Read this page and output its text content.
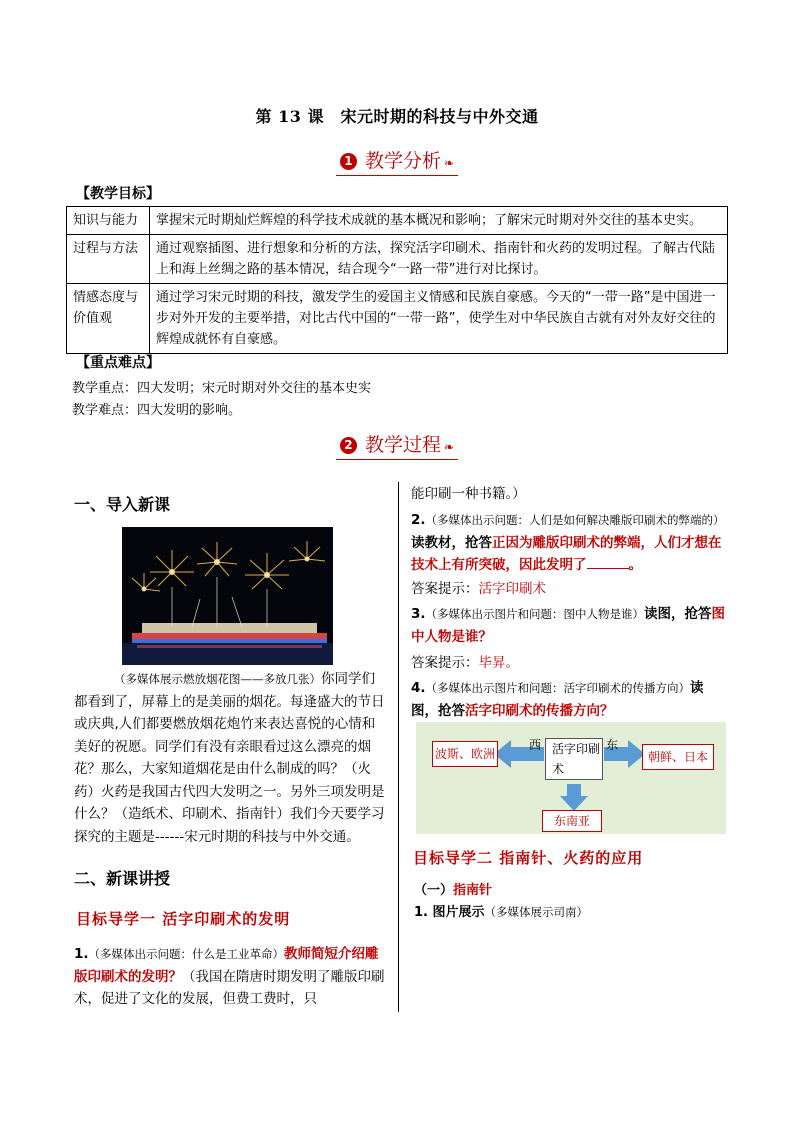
第 13 课　宋元时期的科技与中外交通
1 教学分析 ❧
【教学目标】
知识与能力	掌握宋元时期灿烂辉煌的科学技术成就的基本概况和影响；了解宋元时期对外交往的基本史实。
过程与方法	通过观察插图、进行想象和分析的方法，探究活字印刷术、指南针和火药的发明过程。了解古代陆上和海上丝绸之路的基本情况，结合现今“一路一带”进行对比探讨。
情感态度与价值观	通过学习宋元时期的科技，激发学生的爱国主义情感和民族自豪感。今天的“一带一路”是中国进一步对外开发的主要举措，对比古代中国的“一带一路”，使学生对中华民族自古就有对外友好交往的辉煌成就怀有自豪感。
【重点难点】
教学重点：四大发明；宋元时期对外交往的基本史实
教学难点：四大发明的影响。
2 教学过程 ❧
一、导入新课
（多媒体展示燃放烟花图——多放几张）你同学们都看到了，屏幕上的是美丽的烟花。每逢盛大的节日或庆典,人们都要燃放烟花炮竹来表达喜悦的心情和美好的祝愿。同学们有没有亲眼看过这么漂亮的烟花？那么，大家知道烟花是由什么制成的吗？（火药）火药是我国古代四大发明之一。另外三项发明是什么？（造纸术、印刷术、指南针）我们今天要学习探究的主题是------宋元时期的科技与中外交通。
二、新课讲授
目标导学一 活字印刷术的发明
1.（多媒体出示问题：什么是工业革命）教师简短介绍雕版印刷术的发明？（我国在隋唐时期发明了雕版印刷术，促进了文化的发展，但费工费时，只
能印刷一种书籍。）
2.（多媒体出示问题：人们是如何解决雕版印刷术的弊端的）读教材，抢答正因为雕版印刷术的弊端，人们才想在技术上有所突破，因此发明了	。
答案提示：活字印刷术
3.（多媒体出示图片和问题：图中人物是谁）读图，抢答图中人物是谁？
答案提示：毕昇。
4.（多媒体出示图片和问题：活字印刷术的传播方向）读图，抢答活字印刷术的传播方向？
波斯、欧洲	朝鲜、日本
东南亚
活字印刷术
西	东
目标导学二 指南针、火药的应用
（一）指南针
1. 图片展示（多媒体展示司南）
